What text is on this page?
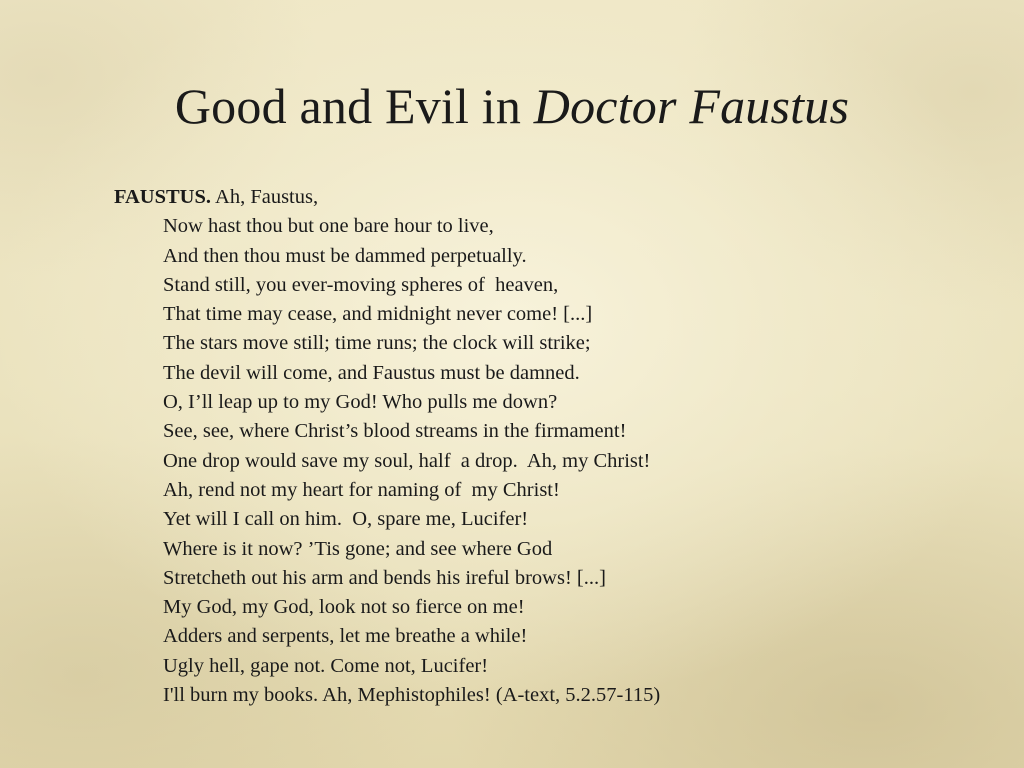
Good and Evil in Doctor Faustus
FAUSTUS. Ah, Faustus,
Now hast thou but one bare hour to live,
And then thou must be dammed perpetually.
Stand still, you ever-moving spheres of  heaven,
That time may cease, and midnight never come! [...]
The stars move still; time runs; the clock will strike;
The devil will come, and Faustus must be damned.
O, I’ll leap up to my God! Who pulls me down?
See, see, where Christ’s blood streams in the firmament!
One drop would save my soul, half  a drop.  Ah, my Christ!
Ah, rend not my heart for naming of  my Christ!
Yet will I call on him.  O, spare me, Lucifer!
Where is it now? ’Tis gone; and see where God
Stretcheth out his arm and bends his ireful brows! [...]
My God, my God, look not so fierce on me!
Adders and serpents, let me breathe a while!
Ugly hell, gape not. Come not, Lucifer!
I'll burn my books. Ah, Mephistophiles! (A-text, 5.2.57-115)
